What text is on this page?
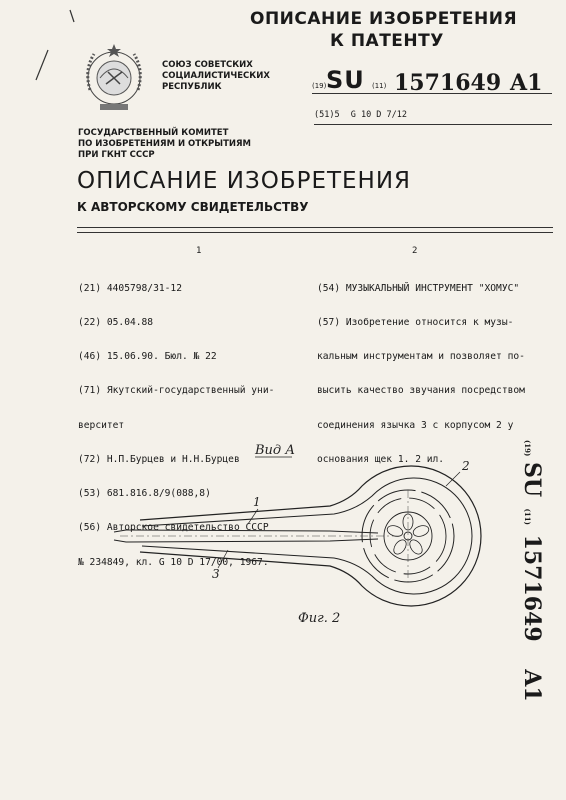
ОПИСАНИЕ ИЗОБРЕТЕНИЯ
К ПАТЕНТУ
СОЮЗ СОВЕТСКИХ
СОЦИАЛИСТИЧЕСКИХ
РЕСПУБЛИК	(19) SU (11) 1571649 A1
(51)5 G 10 D 7/12
ГОСУДАРСТВЕННЫЙ КОМИТЕТ
ПО ИЗОБРЕТЕНИЯМ И ОТКРЫТИЯМ
ПРИ ГКНТ СССР
ОПИСАНИЕ ИЗОБРЕТЕНИЯ
К АВТОРСКОМУ СВИДЕТЕЛЬСТВУ
1	2

(21) 4405798/31-12

(22) 05.04.88

(46) 15.06.90. Бюл. № 22

(71) Якутский-государственный уни-

верситет

(72) Н.П.Бурцев и Н.Н.Бурцев

(53) 681.816.8/9(088,8)

(56) Авторское свидетельство СССР

№ 234849, кл. G 10 D 17/00, 1967.

(54) МУЗЫКАЛЬНЫЙ ИНСТРУМЕНТ "ХОМУС"

(57) Изобретение относится к музы-

кальным инструментам и позволяет по-

высить качество звучания посредством

соединения язычка 3 с корпусом 2 у

основания щек 1. 2 ил.

Вид А
2
1
3
Фиг. 2
(19) SU (11) 1571649 A1
